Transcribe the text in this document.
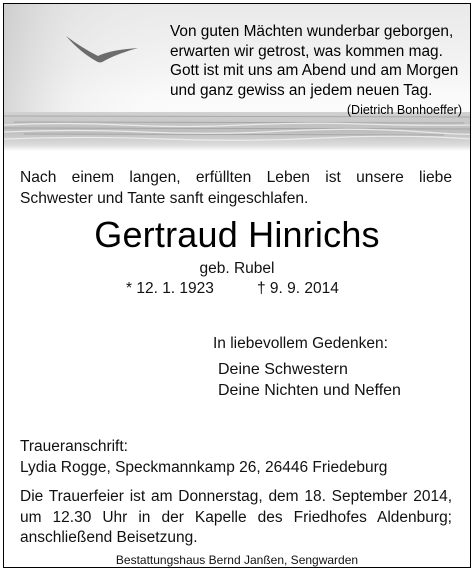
Von guten Mächten wunderbar geborgen,
erwarten wir getrost, was kommen mag.
Gott ist mit uns am Abend und am Morgen
und ganz gewiss an jedem neuen Tag.
(Dietrich Bonhoeffer)
Nach einem langen, erfüllten Leben ist unsere liebe
Schwester und Tante sanft eingeschlafen.
Gertraud Hinrichs
geb. Rubel
* 12. 1. 1923	† 9. 9. 2014
In liebevollem Gedenken:
Deine Schwestern
Deine Nichten und Neffen
Traueranschrift:
Lydia Rogge, Speckmannkamp 26, 26446 Friedeburg
Die Trauerfeier ist am Donnerstag, dem 18. September 2014,
um 12.30 Uhr in der Kapelle des Friedhofes Aldenburg;
anschließend Beisetzung.
Bestattungshaus Bernd Janßen, Sengwarden
